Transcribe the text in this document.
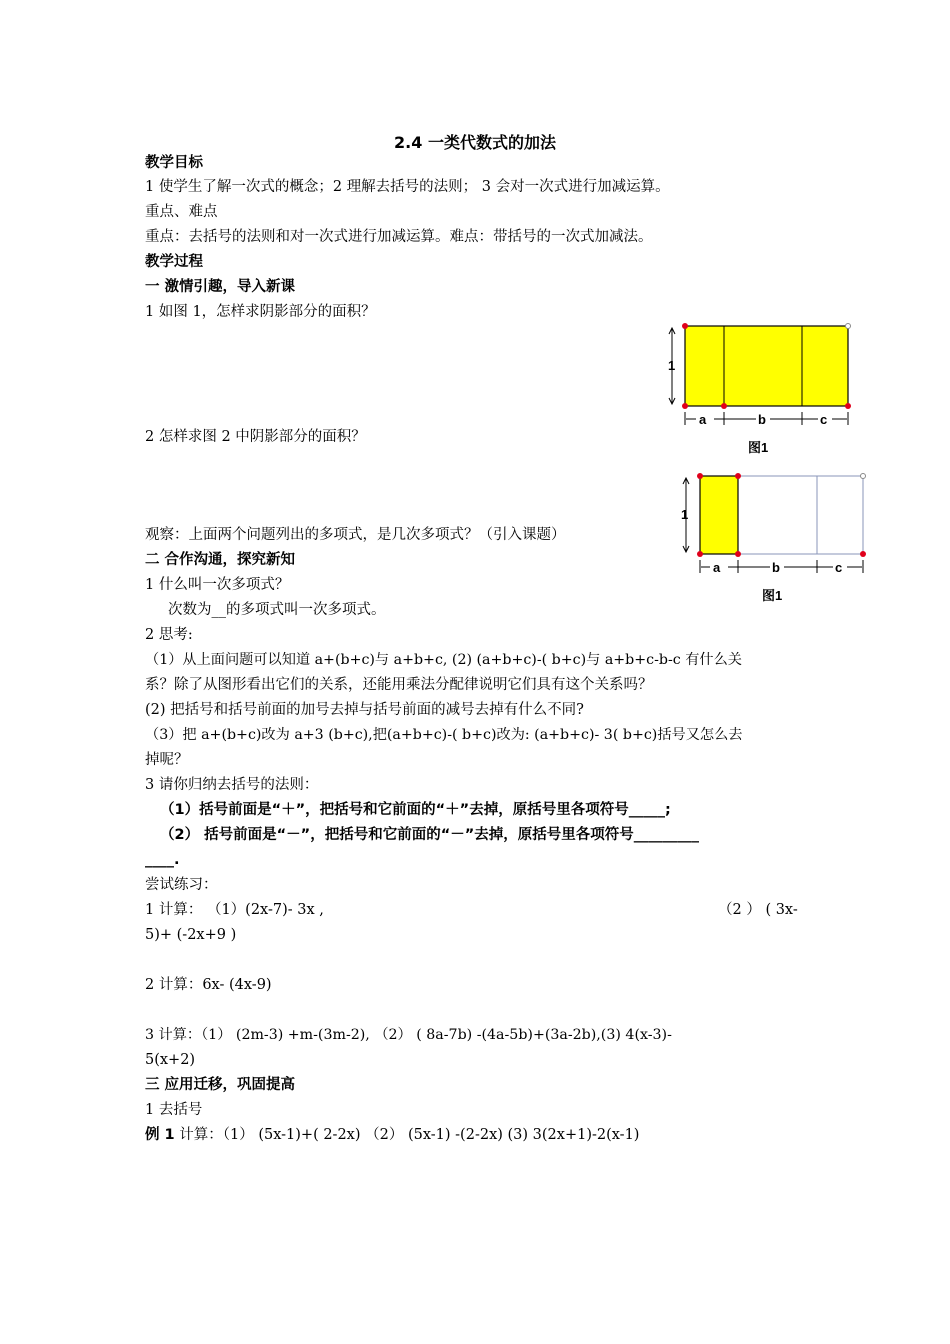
2.4 一类代数式的加法
教学目标
1 使学生了解一次式的概念；2 理解去括号的法则； 3 会对一次式进行加减运算。
重点、难点
重点：去括号的法则和对一次式进行加减运算。难点：带括号的一次式加减法。
教学过程
一 激情引趣，导入新课
1 如图 1，怎样求阴影部分的面积？
2 怎样求图 2 中阴影部分的面积？
观察：上面两个问题列出的多项式，是几次多项式？（引入课题）
二 合作沟通，探究新知
1 什么叫一次多项式？
次数为__的多项式叫一次多项式。
2 思考:
（1）从上面问题可以知道 a+(b+c)与 a+b+c, (2) (a+b+c)-( b+c)与 a+b+c-b-c 有什么关
系？除了从图形看出它们的关系，还能用乘法分配律说明它们具有这个关系吗？
(2) 把括号和括号前面的加号去掉与括号前面的减号去掉有什么不同?
（3）把 a+(b+c)改为 a+3 (b+c),把(a+b+c)-( b+c)改为: (a+b+c)- 3( b+c)括号又怎么去
掉呢？
3 请你归纳去括号的法则：
（1）括号前面是“＋”，把括号和它前面的“＋”去掉，原括号里各项符号_____;
（2） 括号前面是“－”，把括号和它前面的“－”去掉，原括号里各项符号_________
____.
尝试练习：
1 计算： （1）(2x-7)- 3x ,	（2 ） ( 3x-
5)+ (-2x+9 )
2 计算：6x- (4x-9)
3 计算：（1） (2m-3) +m-(3m-2), （2） ( 8a-7b) -(4a-5b)+(3a-2b),(3) 4(x-3)-
5(x+2)
三 应用迁移，巩固提高
1 去括号
例 1 计算：（1） (5x-1)+( 2-2x) （2） (5x-1) -(2-2x) (3) 3(2x+1)-2(x-1)
1
a	b	c
图1
1
a	b	c
图1
